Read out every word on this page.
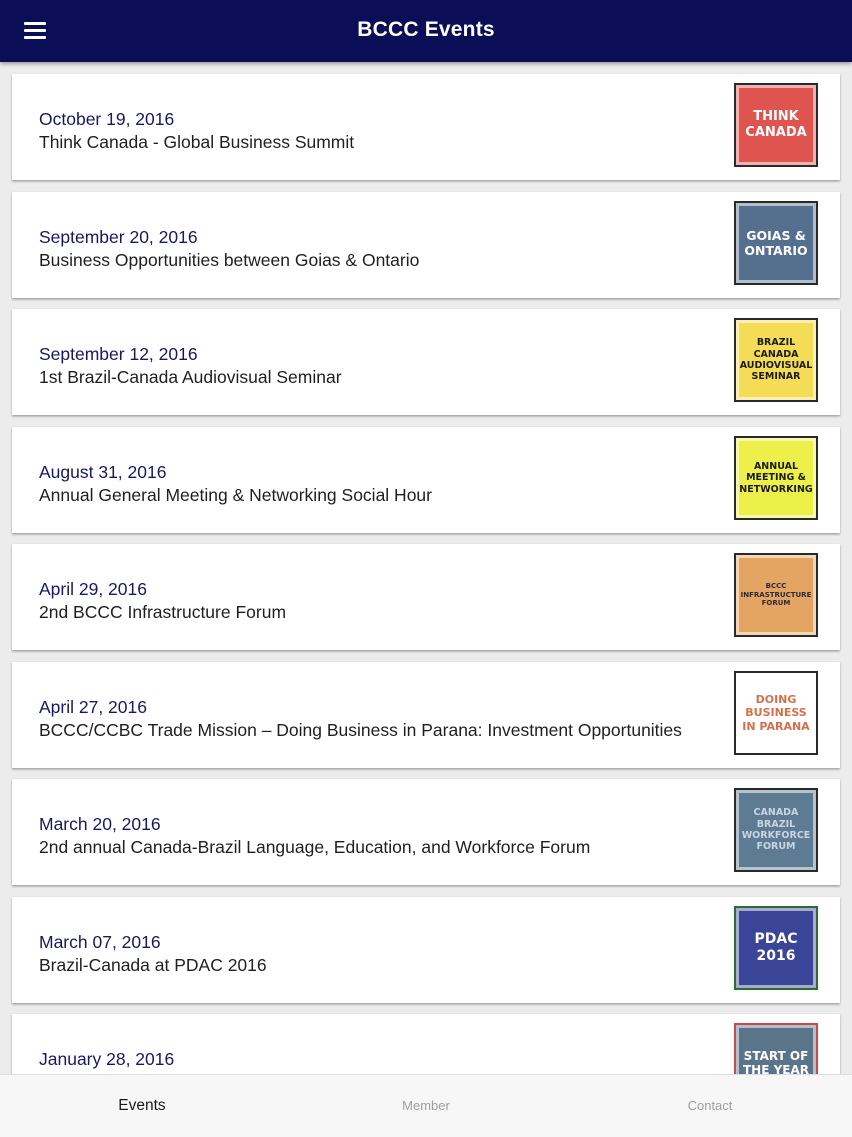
BCCC Events
October 19, 2016
Think Canada - Global Business Summit
THINK
CANADA
September 20, 2016
Business Opportunities between Goias & Ontario
GOIAS &
ONTARIO
September 12, 2016
1st Brazil-Canada Audiovisual Seminar
BRAZIL
CANADA
AUDIOVISUAL
SEMINAR
August 31, 2016
Annual General Meeting & Networking Social Hour
ANNUAL
MEETING &
NETWORKING
April 29, 2016
2nd BCCC Infrastructure Forum
BCCC
INFRASTRUCTURE
FORUM
April 27, 2016
BCCC/CCBC Trade Mission – Doing Business in Parana: Investment Opportunities
DOING
BUSINESS
IN PARANA
March 20, 2016
2nd annual Canada-Brazil Language, Education, and Workforce Forum
CANADA
BRAZIL
WORKFORCE
FORUM
March 07, 2016
Brazil-Canada at PDAC 2016
PDAC
2016
January 28, 2016	START OF
THE YEAR
Events	Member	Contact
